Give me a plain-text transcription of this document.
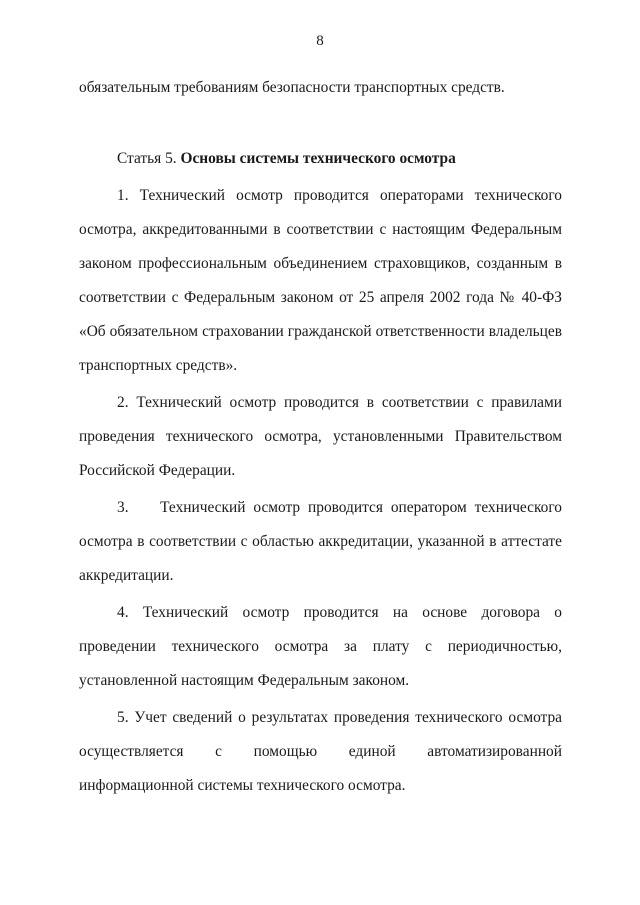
8

обязательным требованиям безопасности транспортных средств.

Статья 5. Основы системы технического осмотра

1. Технический осмотр проводится операторами технического осмотра, аккредитованными в соответствии с настоящим Федеральным законом профессиональным объединением страховщиков, созданным в соответствии с Федеральным законом от 25 апреля 2002 года № 40-ФЗ «Об обязательном страховании гражданской ответственности владельцев транспортных средств».

2. Технический осмотр проводится в соответствии с правилами проведения технического осмотра, установленными Правительством Российской Федерации.

3.    Технический осмотр проводится оператором технического осмотра в соответствии с областью аккредитации, указанной в аттестате аккредитации.

4. Технический осмотр проводится на основе договора о проведении технического осмотра за плату с периодичностью, установленной настоящим Федеральным законом.

5. Учет сведений о результатах проведения технического осмотра осуществляется с помощью единой автоматизированной информационной системы технического осмотра.
